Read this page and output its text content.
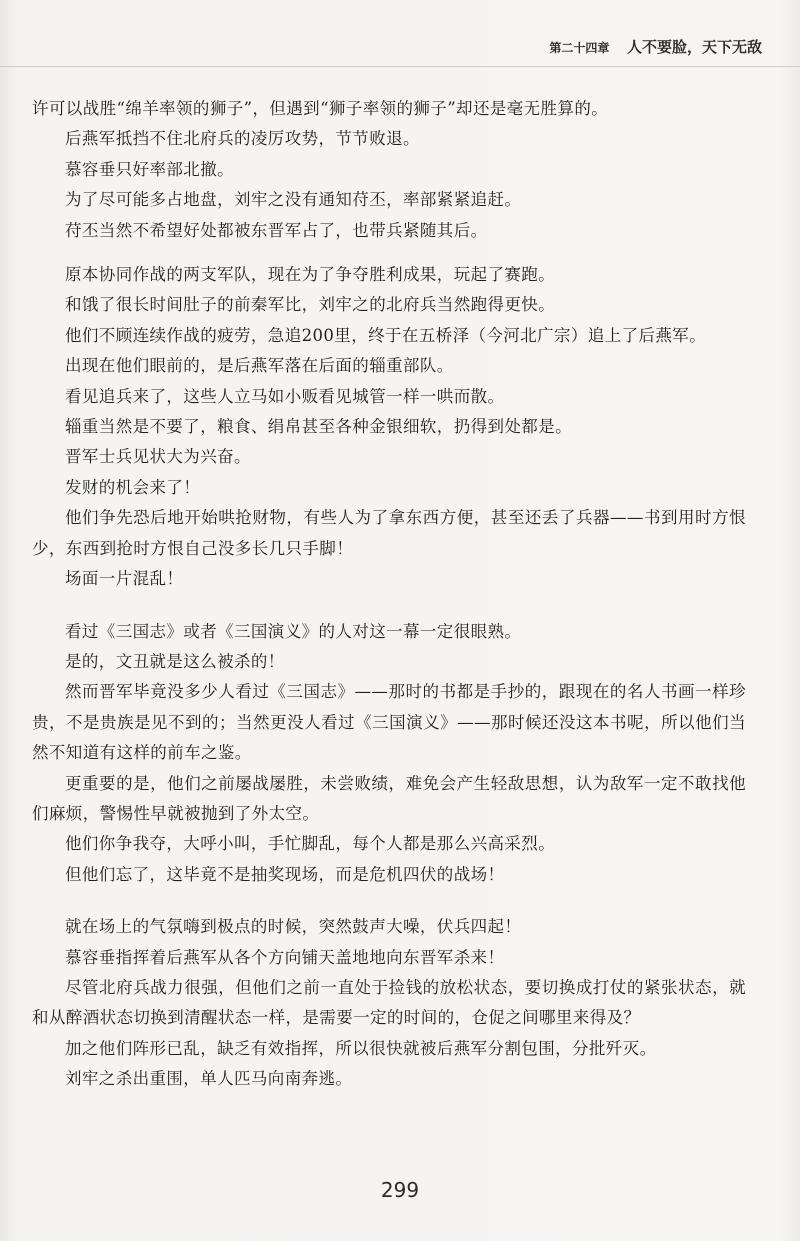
第二十四章 人不要脸，天下无敌

许可以战胜“绵羊率领的狮子”，但遇到“狮子率领的狮子”却还是毫无胜算的。

后燕军抵挡不住北府兵的凌厉攻势，节节败退。

慕容垂只好率部北撤。

为了尽可能多占地盘，刘牢之没有通知苻丕，率部紧紧追赶。

苻丕当然不希望好处都被东晋军占了，也带兵紧随其后。

原本协同作战的两支军队，现在为了争夺胜利成果，玩起了赛跑。

和饿了很长时间肚子的前秦军比，刘牢之的北府兵当然跑得更快。

他们不顾连续作战的疲劳，急追200里，终于在五桥泽（今河北广宗）追上了后燕军。

出现在他们眼前的，是后燕军落在后面的辎重部队。

看见追兵来了，这些人立马如小贩看见城管一样一哄而散。

辎重当然是不要了，粮食、绢帛甚至各种金银细软，扔得到处都是。

晋军士兵见状大为兴奋。

发财的机会来了！

他们争先恐后地开始哄抢财物，有些人为了拿东西方便，甚至还丢了兵器——书到用时方恨少，东西到抢时方恨自己没多长几只手脚！

场面一片混乱！

看过《三国志》或者《三国演义》的人对这一幕一定很眼熟。

是的，文丑就是这么被杀的！

然而晋军毕竟没多少人看过《三国志》——那时的书都是手抄的，跟现在的名人书画一样珍贵，不是贵族是见不到的；当然更没人看过《三国演义》——那时候还没这本书呢，所以他们当然不知道有这样的前车之鉴。

更重要的是，他们之前屡战屡胜，未尝败绩，难免会产生轻敌思想，认为敌军一定不敢找他们麻烦，警惕性早就被抛到了外太空。

他们你争我夺，大呼小叫，手忙脚乱，每个人都是那么兴高采烈。

但他们忘了，这毕竟不是抽奖现场，而是危机四伏的战场！

就在场上的气氛嗨到极点的时候，突然鼓声大噪，伏兵四起！

慕容垂指挥着后燕军从各个方向铺天盖地地向东晋军杀来！

尽管北府兵战力很强，但他们之前一直处于捡钱的放松状态，要切换成打仗的紧张状态，就和从醉酒状态切换到清醒状态一样，是需要一定的时间的，仓促之间哪里来得及？

加之他们阵形已乱，缺乏有效指挥，所以很快就被后燕军分割包围，分批歼灭。

刘牢之杀出重围，单人匹马向南奔逃。

299
